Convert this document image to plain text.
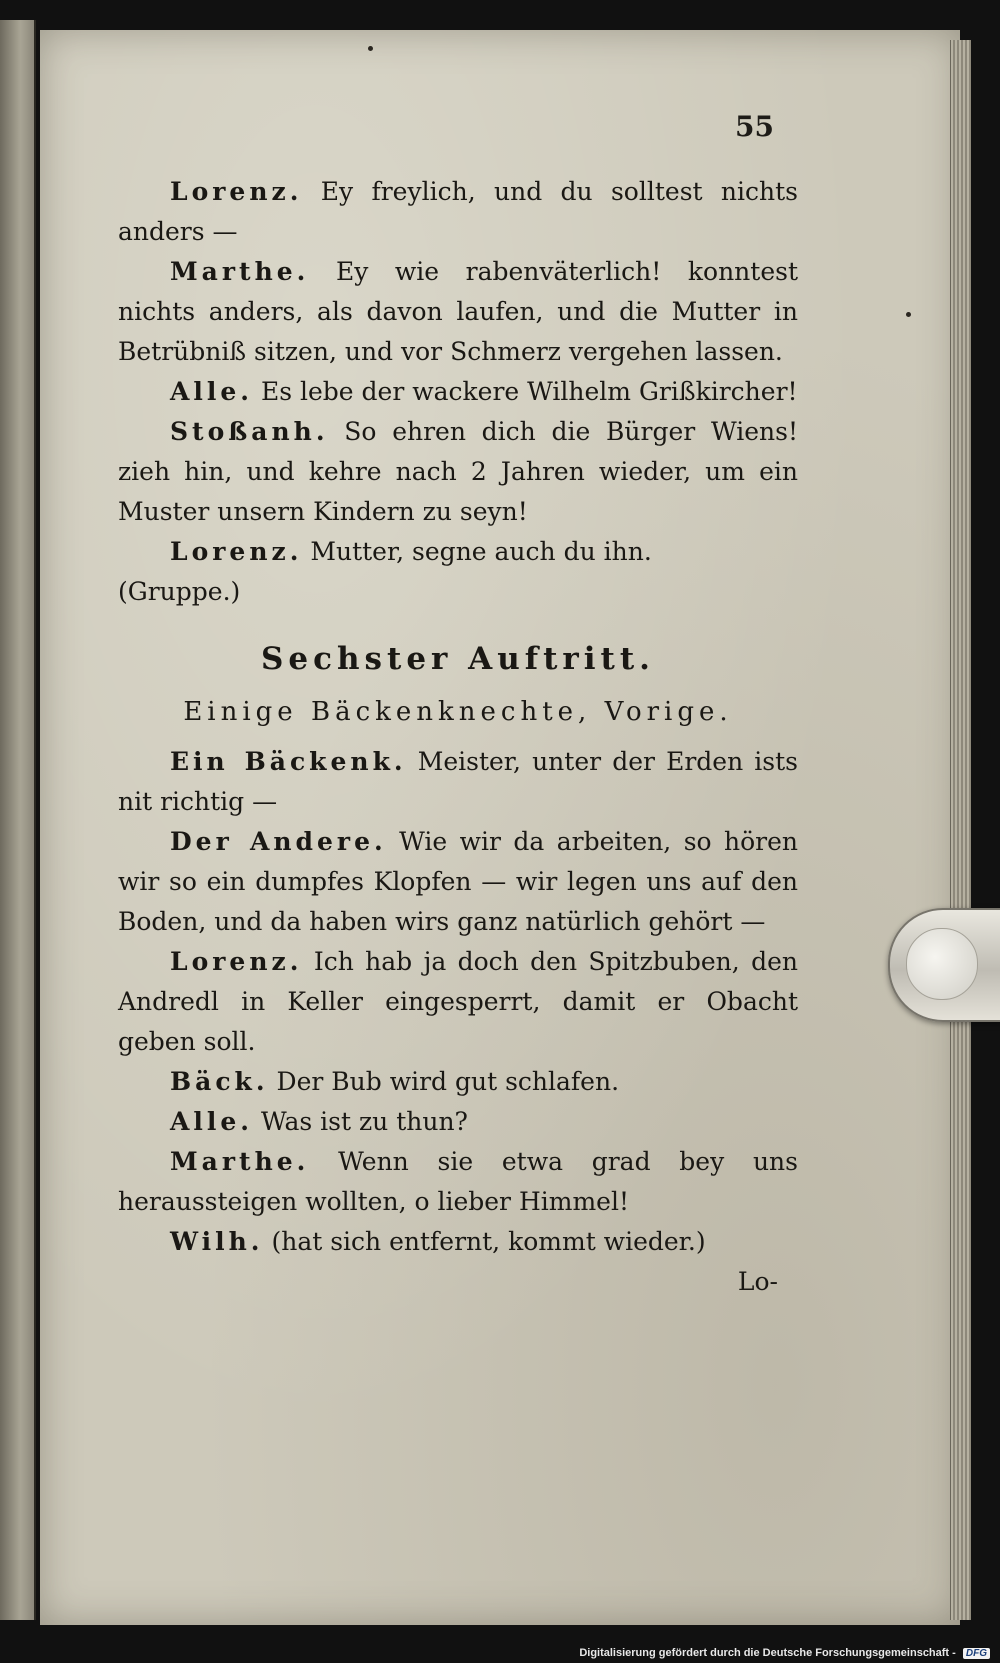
55

Lorenz. Ey freylich, und du solltest nichts anders —

Marthe. Ey wie rabenväterlich! konntest nichts anders, als davon laufen, und die Mutter in Betrübniß sitzen, und vor Schmerz vergehen lassen.

Alle. Es lebe der wackere Wilhelm Grißkircher!

Stoßanh. So ehren dich die Bürger Wiens! zieh hin, und kehre nach 2 Jahren wieder, um ein Muster unsern Kindern zu seyn!

Lorenz. Mutter, segne auch du ihn.

(Gruppe.)

Sechster Auftritt.

Einige Bäckenknechte, Vorige.

Ein Bäckenk. Meister, unter der Erden ists nit richtig —

Der Andere. Wie wir da arbeiten, so hören wir so ein dumpfes Klopfen — wir legen uns auf den Boden, und da haben wirs ganz natürlich gehört —

Lorenz. Ich hab ja doch den Spitzbuben, den Andredl in Keller eingesperrt, damit er Obacht geben soll.

Bäck. Der Bub wird gut schlafen.

Alle. Was ist zu thun?

Marthe. Wenn sie etwa grad bey uns heraussteigen wollten, o lieber Himmel!

Wilh. (hat sich entfernt, kommt wieder.)

Lo-

Digitalisierung gefördert durch die Deutsche Forschungsgemeinschaft - DFG
